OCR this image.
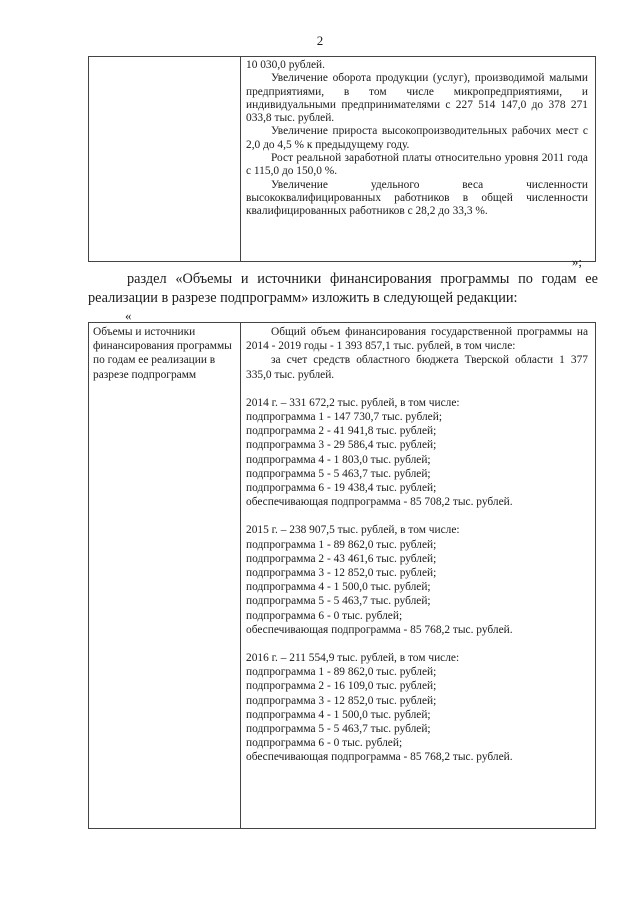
2

10 030,0 рублей.

Увеличение оборота продукции (услуг), производимой малыми предприятиями, в том числе микропредприятиями, и индивидуальными предпринимателями с 227 514 147,0 до 378 271 033,8 тыс. рублей.

Увеличение прироста высокопроизводительных рабочих мест с 2,0 до 4,5 % к предыдущему году.

Рост реальной заработной платы относительно уровня 2011 года с 115,0 до 150,0 %.

Увеличение удельного веса численности высококвалифицированных работников в общей численности квалифицированных работников с 28,2 до 33,3 %.

»;

раздел «Объемы и источники финансирования программы по годам ее реализации в разрезе подпрограмм» изложить в следующей редакции:

«
Объемы и источники финансирования программы по годам ее реализации в разрезе подпрограмм

Общий объем финансирования государственной программы на 2014 - 2019 годы - 1 393 857,1 тыс. рублей, в том числе:

за счет средств областного бюджета Тверской области 1 377 335,0 тыс. рублей.

2014 г. – 331 672,2 тыс. рублей, в том числе:
подпрограмма 1 - 147 730,7 тыс. рублей;
подпрограмма 2 - 41 941,8 тыс. рублей;
подпрограмма 3 - 29 586,4 тыс. рублей;
подпрограмма 4 - 1 803,0 тыс. рублей;
подпрограмма 5 - 5 463,7 тыс. рублей;
подпрограмма 6 - 19 438,4 тыс. рублей;
обеспечивающая подпрограмма - 85 708,2 тыс. рублей.
2015 г. – 238 907,5 тыс. рублей, в том числе:
подпрограмма 1 - 89 862,0 тыс. рублей;
подпрограмма 2 - 43 461,6 тыс. рублей;
подпрограмма 3 - 12 852,0 тыс. рублей;
подпрограмма 4 - 1 500,0 тыс. рублей;
подпрограмма 5 - 5 463,7 тыс. рублей;
подпрограмма 6 - 0 тыс. рублей;
обеспечивающая подпрограмма - 85 768,2 тыс. рублей.
2016 г. – 211 554,9 тыс. рублей, в том числе:
подпрограмма 1 - 89 862,0 тыс. рублей;
подпрограмма 2 - 16 109,0 тыс. рублей;
подпрограмма 3 - 12 852,0 тыс. рублей;
подпрограмма 4 - 1 500,0 тыс. рублей;
подпрограмма 5 - 5 463,7 тыс. рублей;
подпрограмма 6 - 0 тыс. рублей;
обеспечивающая подпрограмма - 85 768,2 тыс. рублей.
